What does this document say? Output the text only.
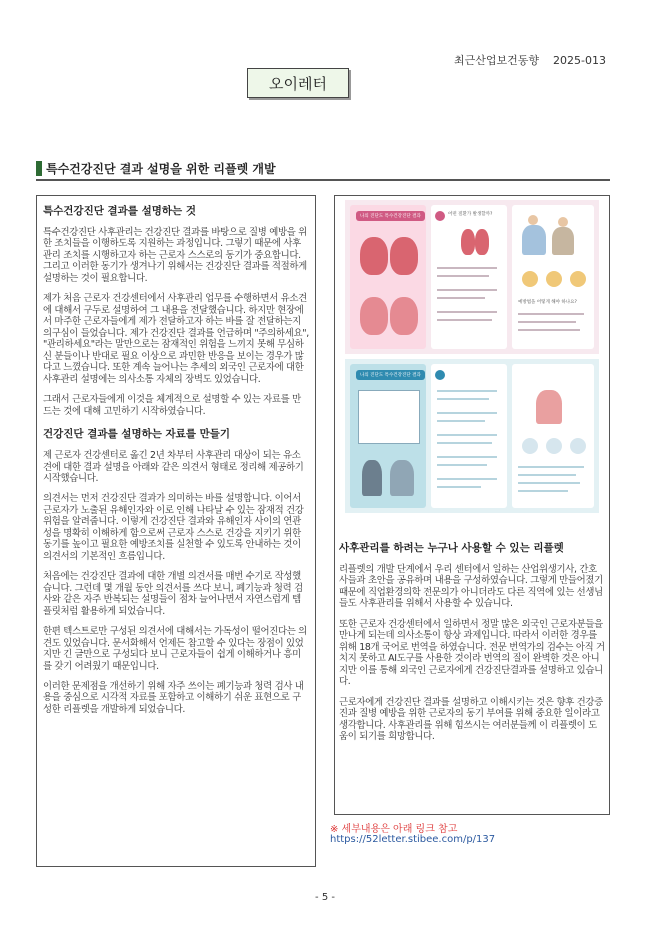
최근산업보건동향 2025-013
오이레터
특수건강진단 결과 설명을 위한 리플렛 개발
특수건강진단 결과를 설명하는 것
특수건강진단 사후관리는 건강진단 결과를 바탕으로 질병 예방을 위한 조치들을 이행하도록 지원하는 과정입니다. 그렇기 때문에 사후관리 조치를 시행하고자 하는 근로자 스스로의 동기가 중요합니다. 그리고 이러한 동기가 생겨나기 위해서는 건강진단 결과를 적절하게 설명하는 것이 필요합니다.
제가 처음 근로자 건강센터에서 사후관리 업무를 수행하면서 유소견에 대해서 구두로 설명하여 그 내용을 전달했습니다. 하지만 현장에서 마주한 근로자들에게 제가 전달하고자 하는 바를 잘 전달하는지 의구심이 들었습니다. 제가 건강진단 결과를 언급하며 "주의하세요", "관리하세요"라는 말만으로는 잠재적인 위험을 느끼지 못해 무심하신 분들이나 반대로 필요 이상으로 과민한 반응을 보이는 경우가 많다고 느꼈습니다. 또한 계속 늘어나는 추세의 외국인 근로자에 대한 사후관리 설명에는 의사소통 자체의 장벽도 있었습니다.
그래서 근로자들에게 이것을 체계적으로 설명할 수 있는 자료를 만드는 것에 대해 고민하기 시작하였습니다.
건강진단 결과를 설명하는 자료를 만들기
제 근로자 건강센터로 옮긴 2년 차부터 사후관리 대상이 되는 유소견에 대한 결과 설명을 아래와 같은 의견서 형태로 정리해 제공하기 시작했습니다.
의견서는 먼저 건강진단 결과가 의미하는 바를 설명합니다. 이어서 근로자가 노출된 유해인자와 이로 인해 나타날 수 있는 잠재적 건강 위험을 알려줍니다. 이렇게 건강진단 결과와 유해인자 사이의 연관성을 명확히 이해하게 함으로써 근로자 스스로 건강을 지키기 위한 동기를 높이고 필요한 예방조치를 실천할 수 있도록 안내하는 것이 의견서의 기본적인 흐름입니다.
처음에는 건강진단 결과에 대한 개별 의견서를 매번 수기로 작성했습니다. 그런데 몇 개월 동안 의견서를 쓰다 보니, 폐기능과 청력 검사와 같은 자주 반복되는 설명들이 점차 늘어나면서 자연스럽게 템플릿처럼 활용하게 되었습니다.
한편 텍스트로만 구성된 의견서에 대해서는 가독성이 떨어진다는 의견도 있었습니다. 문서화해서 언제든 참고할 수 있다는 장점이 있었지만 긴 글만으로 구성되다 보니 근로자들이 쉽게 이해하거나 흥미를 갖기 어려웠기 때문입니다.
이러한 문제점을 개선하기 위해 자주 쓰이는 폐기능과 청력 검사 내용을 중심으로 시각적 자료를 포함하고 이해하기 쉬운 표현으로 구성한 리플렛을 개발하게 되었습니다.
나의 진단도 특수건강진단 결과	어떤 질환가 발생할까?
예방법을 어떻게 해야 하나요?
나의 진단도 특수건강진단 결과
사후관리를 하려는 누구나 사용할 수 있는 리플렛
리플렛의 개발 단계에서 우리 센터에서 일하는 산업위생기사, 간호사들과 초안을 공유하며 내용을 구성하였습니다. 그렇게 만들어졌기 때문에 직업환경의학 전문의가 아니더라도 다른 직역에 있는 선생님들도 사후관리를 위해서 사용할 수 있습니다.
또한 근로자 건강센터에서 일하면서 정말 많은 외국인 근로자분들을 만나게 되는데 의사소통이 항상 과제입니다. 따라서 이러한 경우를 위해 18개 국어로 번역을 하였습니다. 전문 번역가의 검수는 아직 거치지 못하고 AI도구를 사용한 것이라 번역의 질이 완벽한 것은 아니지만 이를 통해 외국인 근로자에게 건강진단결과를 설명하고 있습니다.
근로자에게 건강진단 결과를 설명하고 이해시키는 것은 향후 건강증진과 질병 예방을 위한 근로자의 동기 부여를 위해 중요한 일이라고 생각합니다. 사후관리를 위해 힘쓰시는 여러분들께 이 리플렛이 도움이 되기를 희망합니다.
※ 세부내용은 아래 링크 참고
https://52letter.stibee.com/p/137
- 5 -
